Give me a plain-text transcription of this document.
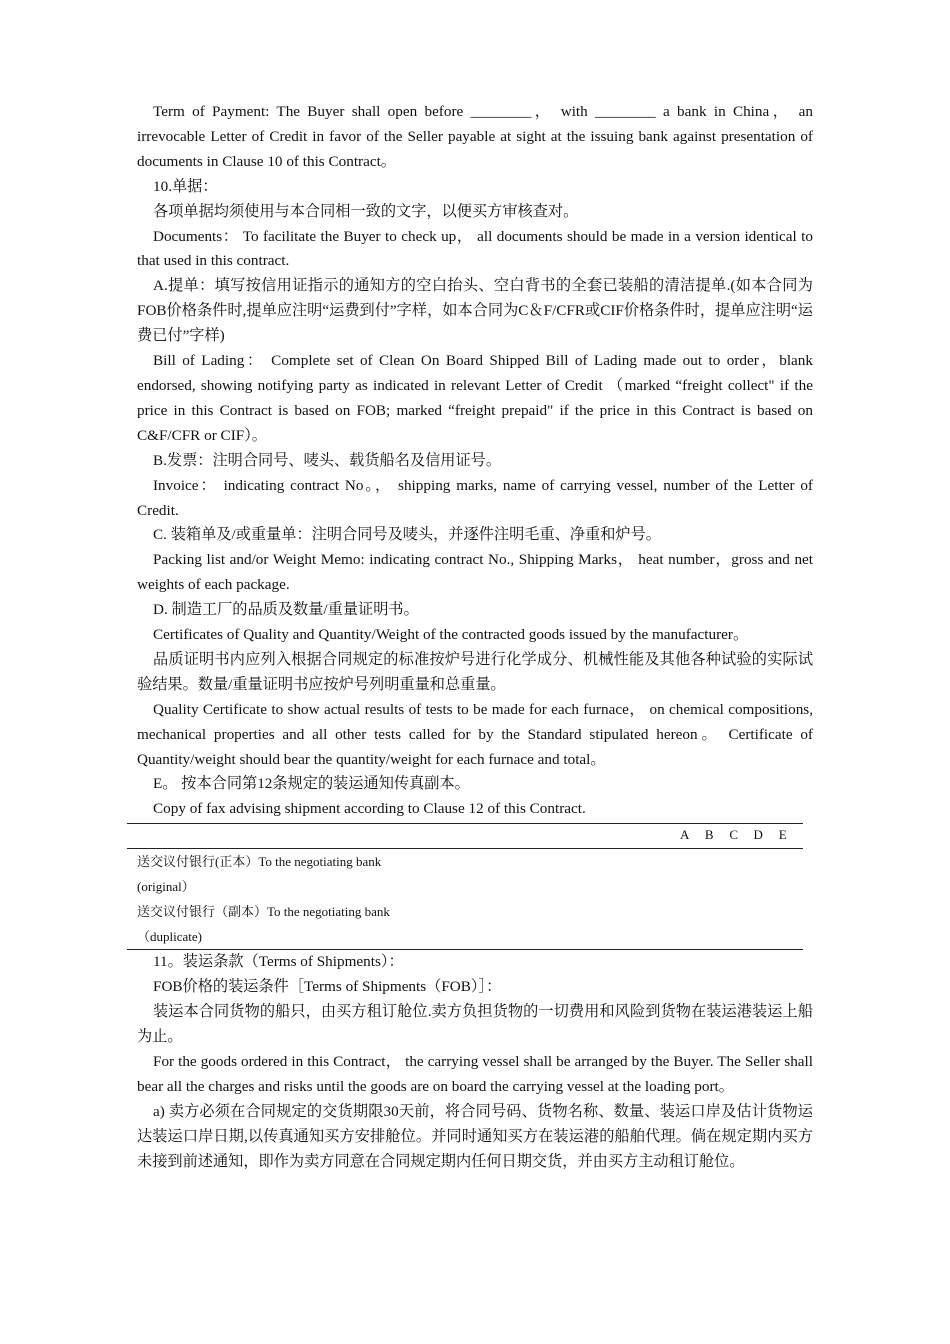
Term of Payment: The Buyer shall open before ________， with ________ a bank in China， an irrevocable Letter of Credit in favor of the Seller payable at sight at the issuing bank against presentation of documents in Clause 10 of this Contract。

10.单据：

各项单据均须使用与本合同相一致的文字，以便买方审核查对。

Documents： To facilitate the Buyer to check up， all documents should be made in a version identical to that used in this contract.

A.提单：填写按信用证指示的通知方的空白抬头、空白背书的全套已装船的清洁提单.(如本合同为FOB价格条件时,提单应注明“运费到付”字样，如本合同为C＆F/CFR或CIF价格条件时，提单应注明“运费已付”字样)

Bill of Lading： Complete set of Clean On Board Shipped Bill of Lading made out to order，blank endorsed, showing notifying party as indicated in relevant Letter of Credit （marked “freight collect" if the price in this Contract is based on FOB; marked “freight prepaid" if the price in this Contract is based on C&F/CFR or CIF）。

B.发票：注明合同号、唛头、载货船名及信用证号。

Invoice： indicating contract No。， shipping marks, name of carrying vessel, number of the Letter of Credit.

C. 装箱单及/或重量单：注明合同号及唛头，并逐件注明毛重、净重和炉号。

Packing list and/or Weight Memo: indicating contract No., Shipping Marks， heat number，gross and net weights of each package.

D. 制造工厂的品质及数量/重量证明书。

Certificates of Quality and Quantity/Weight of the contracted goods issued by the manufacturer。

品质证明书内应列入根据合同规定的标准按炉号进行化学成分、机械性能及其他各种试验的实际试验结果。数量/重量证明书应按炉号列明重量和总重量。

Quality Certificate to show actual results of tests to be made for each furnace， on chemical compositions, mechanical properties and all other tests called for by the Standard stipulated hereon。 Certificate of Quantity/weight should bear the quantity/weight for each furnace and total。

E。 按本合同第12条规定的装运通知传真副本。

Copy of fax advising shipment according to Clause 12 of this Contract.

A B C D E
送交议付银行(正本）To the negotiating bank
(original）
送交议付银行（副本）To the negotiating bank
（duplicate)

11。装运条款（Terms of Shipments）：

FOB价格的装运条件［Terms of Shipments（FOB）］：

装运本合同货物的船只，由买方租订舱位.卖方负担货物的一切费用和风险到货物在装运港装运上船为止。

For the goods ordered in this Contract， the carrying vessel shall be arranged by the Buyer. The Seller shall bear all the charges and risks until the goods are on board the carrying vessel at the loading port。

a) 卖方必须在合同规定的交货期限30天前，将合同号码、货物名称、数量、装运口岸及估计货物运达装运口岸日期,以传真通知买方安排舱位。并同时通知买方在装运港的船舶代理。倘在规定期内买方未接到前述通知，即作为卖方同意在合同规定期内任何日期交货，并由买方主动租订舱位。
